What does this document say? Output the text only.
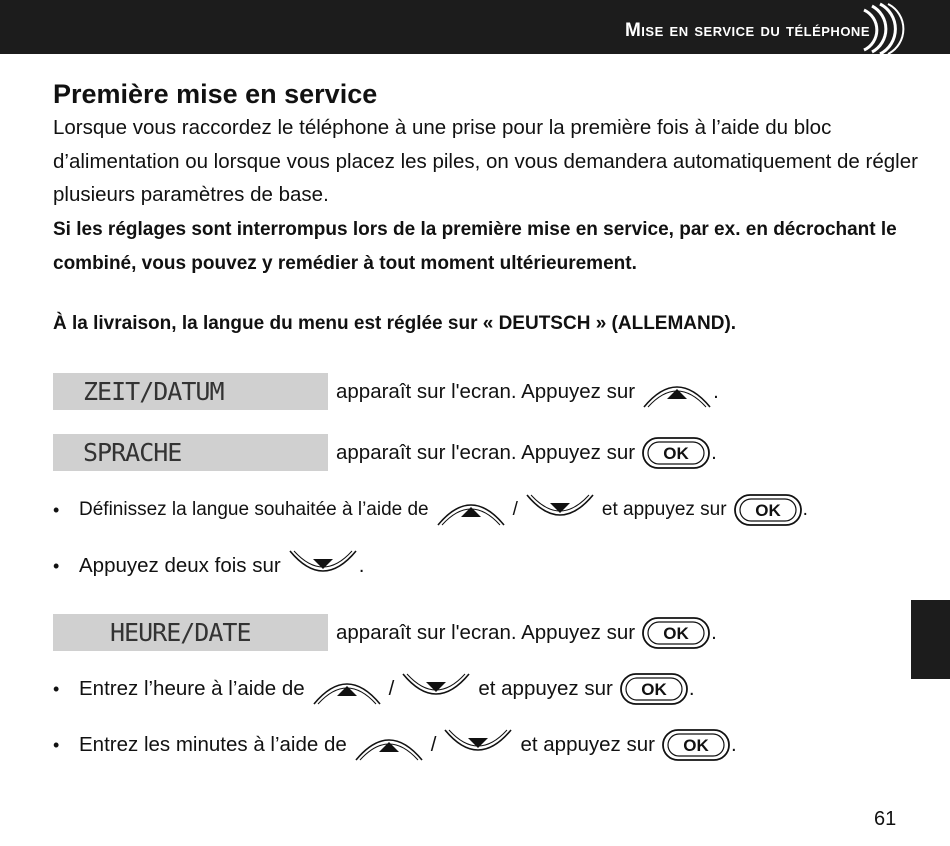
Mise en service du téléphone
Première mise en service

Lorsque vous raccordez le téléphone à une prise pour la première fois à l’aide du bloc d’alimentation ou lorsque vous placez les piles, on vous demandera automatiquement de régler plusieurs paramètres de base.
Si les réglages sont interrompus lors de la première mise en service, par ex. en décrochant le combiné, vous pouvez y remédier à tout moment ultérieurement.

À la livraison, la langue du menu est réglée sur « DEUTSCH » (ALLEMAND).

ZEIT/DATUM	apparaît sur l'ecran. Appuyez sur	.
SPRACHE	apparaît sur l'ecran. Appuyez sur OK .
• Définissez la langue souhaitée à l’aide de	/	et appuyez sur OK .
• Appuyez deux fois sur	.
HEURE/DATE	apparaît sur l'ecran. Appuyez sur OK .
• Entrez l’heure à l’aide de	/	et appuyez sur OK .
• Entrez les minutes à l’aide de	/	et appuyez sur OK .
61
